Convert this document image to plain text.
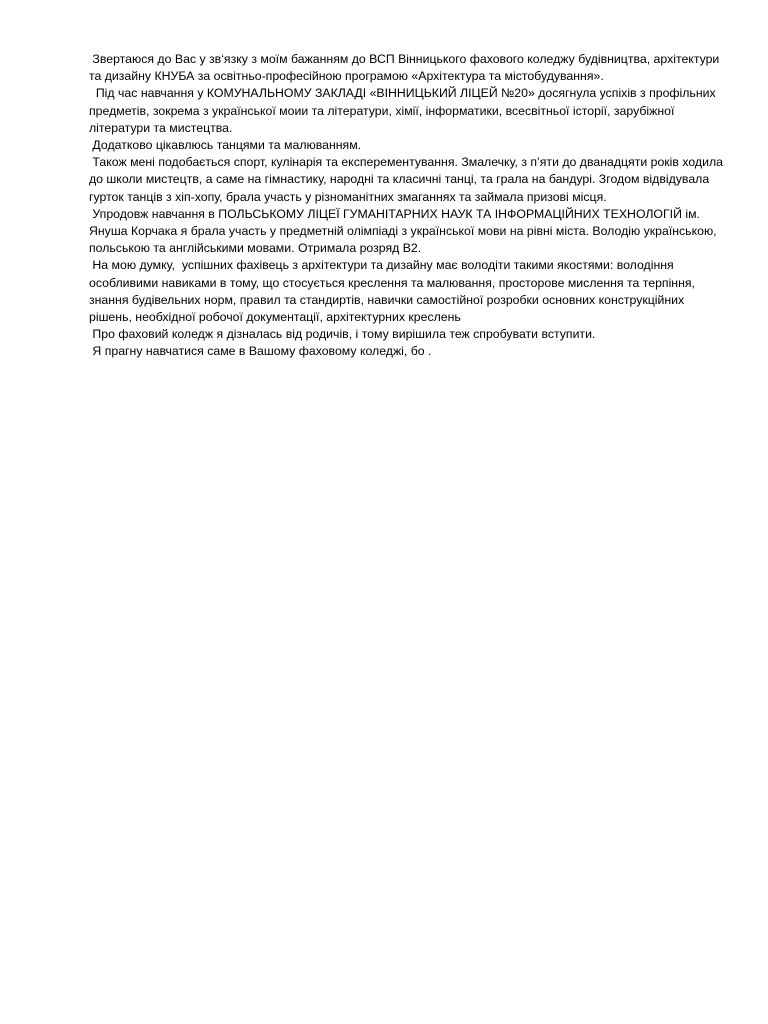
Звертаюся до Вас у зв‘язку з моїм бажанням до ВСП Вінницького фахового коледжу будівництва, архітектури та дизайну КНУБА за освітньо-професійною програмою «Архітектура та містобудування».

Під час навчання у КОМУНАЛЬНОМУ ЗАКЛАДІ «ВІННИЦЬКИЙ ЛІЦЕЙ №20» досягнула успіхів з профільних предметів, зокрема з української моии та літератури, хімії, інформатики, всесвітньої історії, зарубіжної літератури та мистецтва.

Додатково цікавлюсь танцями та малюванням.

Також мені подобається спорт, кулінарія та експерементування. Змалечку, з п’яти до дванадцяти років ходила до школи мистецтв, а саме на гімнастику, народні та класичні танці, та грала на бандурі. Згодом відвідувала гурток танців з хіп-хопу, брала участь у різноманітних змаганнях та займала призові місця.

Упродовж навчання в ПОЛЬСЬКОМУ ЛІЦЕЇ ГУМАНІТАРНИХ НАУК ТА ІНФОРМАЦІЙНИХ ТЕХНОЛОГІЙ ім. Януша Корчака я брала участь у предметній олімпіаді з української мови на рівні міста. Володію українською, польською та англійськими мовами. Отримала розряд В2.

На мою думку,  успішних фахівець з архітектури та дизайну має володіти такими якостями: володіння особливими навиками в тому, що стосується креслення та малювання, просторове мислення та терпіння, знання будівельних норм, правил та стандиртів, навички самостійної розробки основних конструкційних рішень, необхідної робочої документації, архітектурних креслень

Про фаховий коледж я дізналась від родичів, і тому вирішила теж спробувати вступити.

Я прагну навчатися саме в Вашому фаховому коледжі, бо .
